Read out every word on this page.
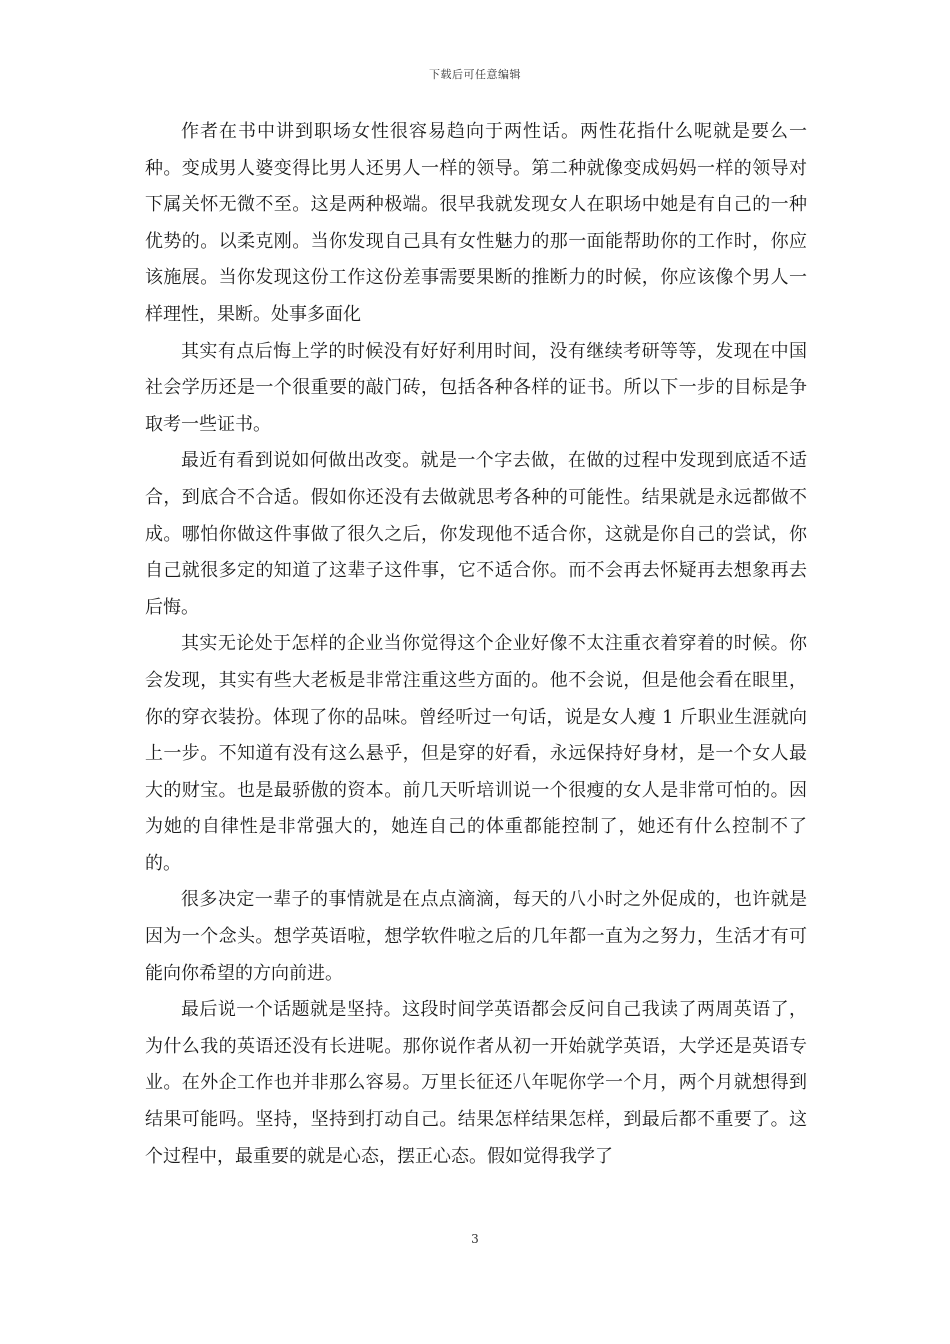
下载后可任意编辑

作者在书中讲到职场女性很容易趋向于两性话。两性花指什么呢就是要么一种。变成男人婆变得比男人还男人一样的领导。第二种就像变成妈妈一样的领导对下属关怀无微不至。这是两种极端。很早我就发现女人在职场中她是有自己的一种优势的。以柔克刚。当你发现自己具有女性魅力的那一面能帮助你的工作时，你应该施展。当你发现这份工作这份差事需要果断的推断力的时候，你应该像个男人一样理性，果断。处事多面化

其实有点后悔上学的时候没有好好利用时间，没有继续考研等等，发现在中国社会学历还是一个很重要的敲门砖，包括各种各样的证书。所以下一步的目标是争取考一些证书。

最近有看到说如何做出改变。就是一个字去做，在做的过程中发现到底适不适合，到底合不合适。假如你还没有去做就思考各种的可能性。结果就是永远都做不成。哪怕你做这件事做了很久之后，你发现他不适合你，这就是你自己的尝试，你自己就很多定的知道了这辈子这件事，它不适合你。而不会再去怀疑再去想象再去后悔。

其实无论处于怎样的企业当你觉得这个企业好像不太注重衣着穿着的时候。你会发现，其实有些大老板是非常注重这些方面的。他不会说，但是他会看在眼里，你的穿衣装扮。体现了你的品味。曾经听过一句话，说是女人瘦 1 斤职业生涯就向上一步。不知道有没有这么悬乎，但是穿的好看，永远保持好身材，是一个女人最大的财宝。也是最骄傲的资本。前几天听培训说一个很瘦的女人是非常可怕的。因为她的自律性是非常强大的，她连自己的体重都能控制了，她还有什么控制不了的。

很多决定一辈子的事情就是在点点滴滴，每天的八小时之外促成的，也许就是因为一个念头。想学英语啦，想学软件啦之后的几年都一直为之努力，生活才有可能向你希望的方向前进。

最后说一个话题就是坚持。这段时间学英语都会反问自己我读了两周英语了，为什么我的英语还没有长进呢。那你说作者从初一开始就学英语，大学还是英语专业。在外企工作也并非那么容易。万里长征还八年呢你学一个月，两个月就想得到结果可能吗。坚持，坚持到打动自己。结果怎样结果怎样，到最后都不重要了。这个过程中，最重要的就是心态，摆正心态。假如觉得我学了

3
